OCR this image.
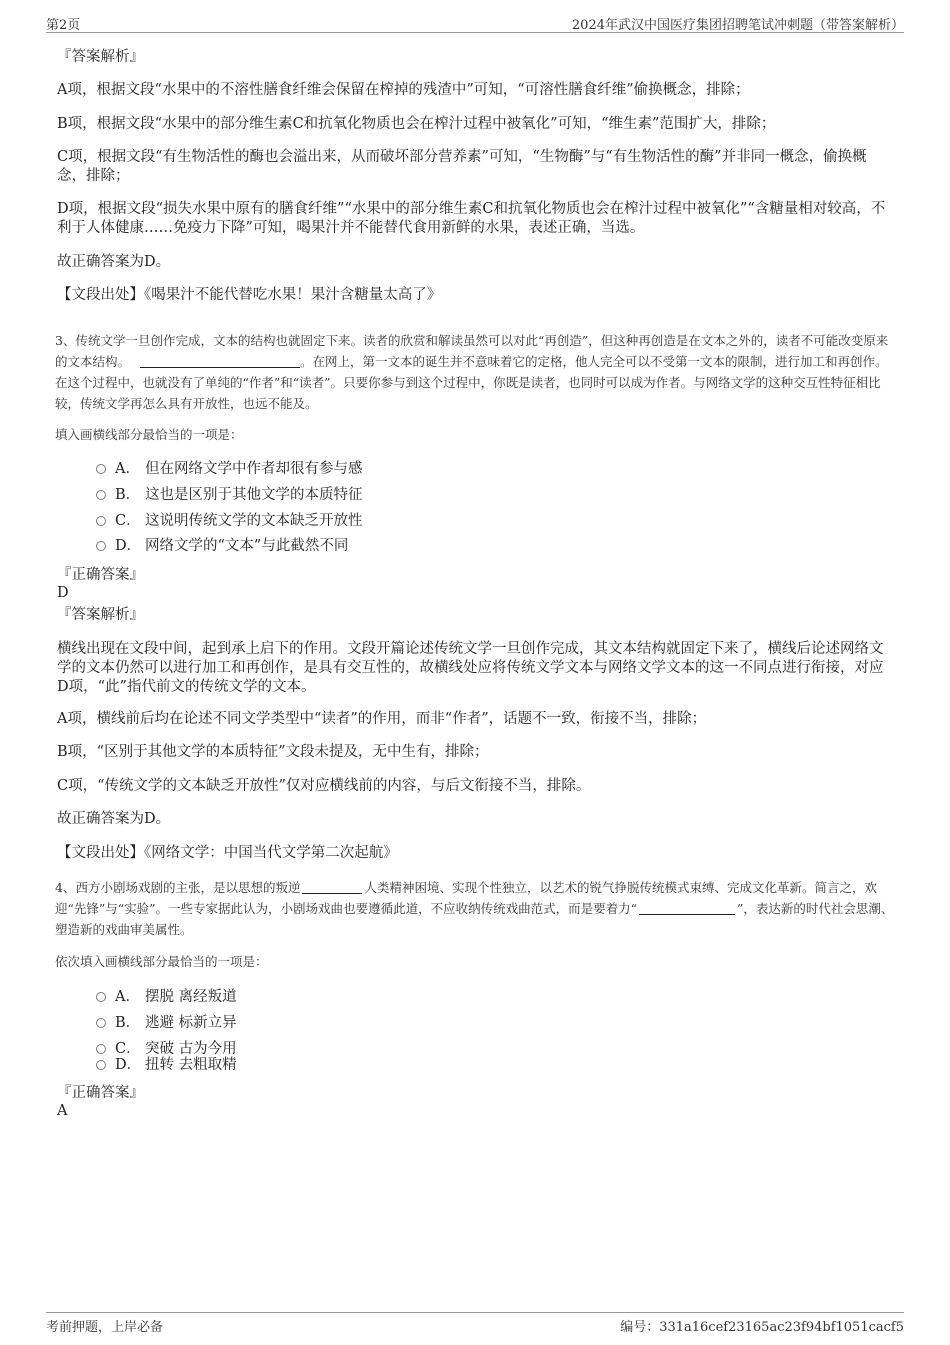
第2页	2024年武汉中国医疗集团招聘笔试冲刺题（带答案解析）
『答案解析』
A项，根据文段“水果中的不溶性膳食纤维会保留在榨掉的残渣中”可知，“可溶性膳食纤维”偷换概念，排除；
B项，根据文段“水果中的部分维生素C和抗氧化物质也会在榨汁过程中被氧化”可知，“维生素”范围扩大，排除；
C项，根据文段“有生物活性的酶也会溢出来，从而破坏部分营养素”可知，“生物酶”与“有生物活性的酶”并非同一概念，偷换概念，排除；
D项，根据文段“损失水果中原有的膳食纤维”“水果中的部分维生素C和抗氧化物质也会在榨汁过程中被氧化”“含糖量相对较高，不利于人体健康……免疫力下降”可知，喝果汁并不能替代食用新鲜的水果，表述正确，当选。
故正确答案为D。
【文段出处】《喝果汁不能代替吃水果！果汁含糖量太高了》
3、传统文学一旦创作完成，文本的结构也就固定下来。读者的欣赏和解读虽然可以对此“再创造”，但这种再创造是在文本之外的，读者不可能改变原来的文本结构。	。在网上，第一文本的诞生并不意味着它的定格，他人完全可以不受第一文本的限制，进行加工和再创作。在这个过程中，也就没有了单纯的“作者”和“读者”。只要你参与到这个过程中，你既是读者，也同时可以成为作者。与网络文学的这种交互性特征相比较，传统文学再怎么具有开放性，也远不能及。
填入画横线部分最恰当的一项是：
A． 但在网络文学中作者却很有参与感
B． 这也是区别于其他文学的本质特征
C． 这说明传统文学的文本缺乏开放性
D． 网络文学的“文本”与此截然不同
『正确答案』
D
『答案解析』
横线出现在文段中间，起到承上启下的作用。文段开篇论述传统文学一旦创作完成，其文本结构就固定下来了，横线后论述网络文学的文本仍然可以进行加工和再创作，是具有交互性的，故横线处应将传统文学文本与网络文学文本的这一不同点进行衔接，对应D项，“此”指代前文的传统文学的文本。
A项，横线前后均在论述不同文学类型中“读者”的作用，而非“作者”，话题不一致，衔接不当，排除；
B项，“区别于其他文学的本质特征”文段未提及，无中生有，排除；
C项，“传统文学的文本缺乏开放性”仅对应横线前的内容，与后文衔接不当，排除。
故正确答案为D。
【文段出处】《网络文学：中国当代文学第二次起航》
4、西方小剧场戏剧的主张，是以思想的叛逆	人类精神困境、实现个性独立，以艺术的锐气挣脱传统模式束缚、完成文化革新。简言之，欢迎“先锋”与“实验”。一些专家据此认为，小剧场戏曲也要遵循此道，不应收纳传统戏曲范式，而是要着力“	”，表达新的时代社会思潮、塑造新的戏曲审美属性。
依次填入画横线部分最恰当的一项是：
A． 摆脱 离经叛道
B． 逃避 标新立异
C． 突破 古为今用
D． 扭转 去粗取精
『正确答案』
A
考前押题，上岸必备	编号：331a16cef23165ac23f94bf1051cacf5
